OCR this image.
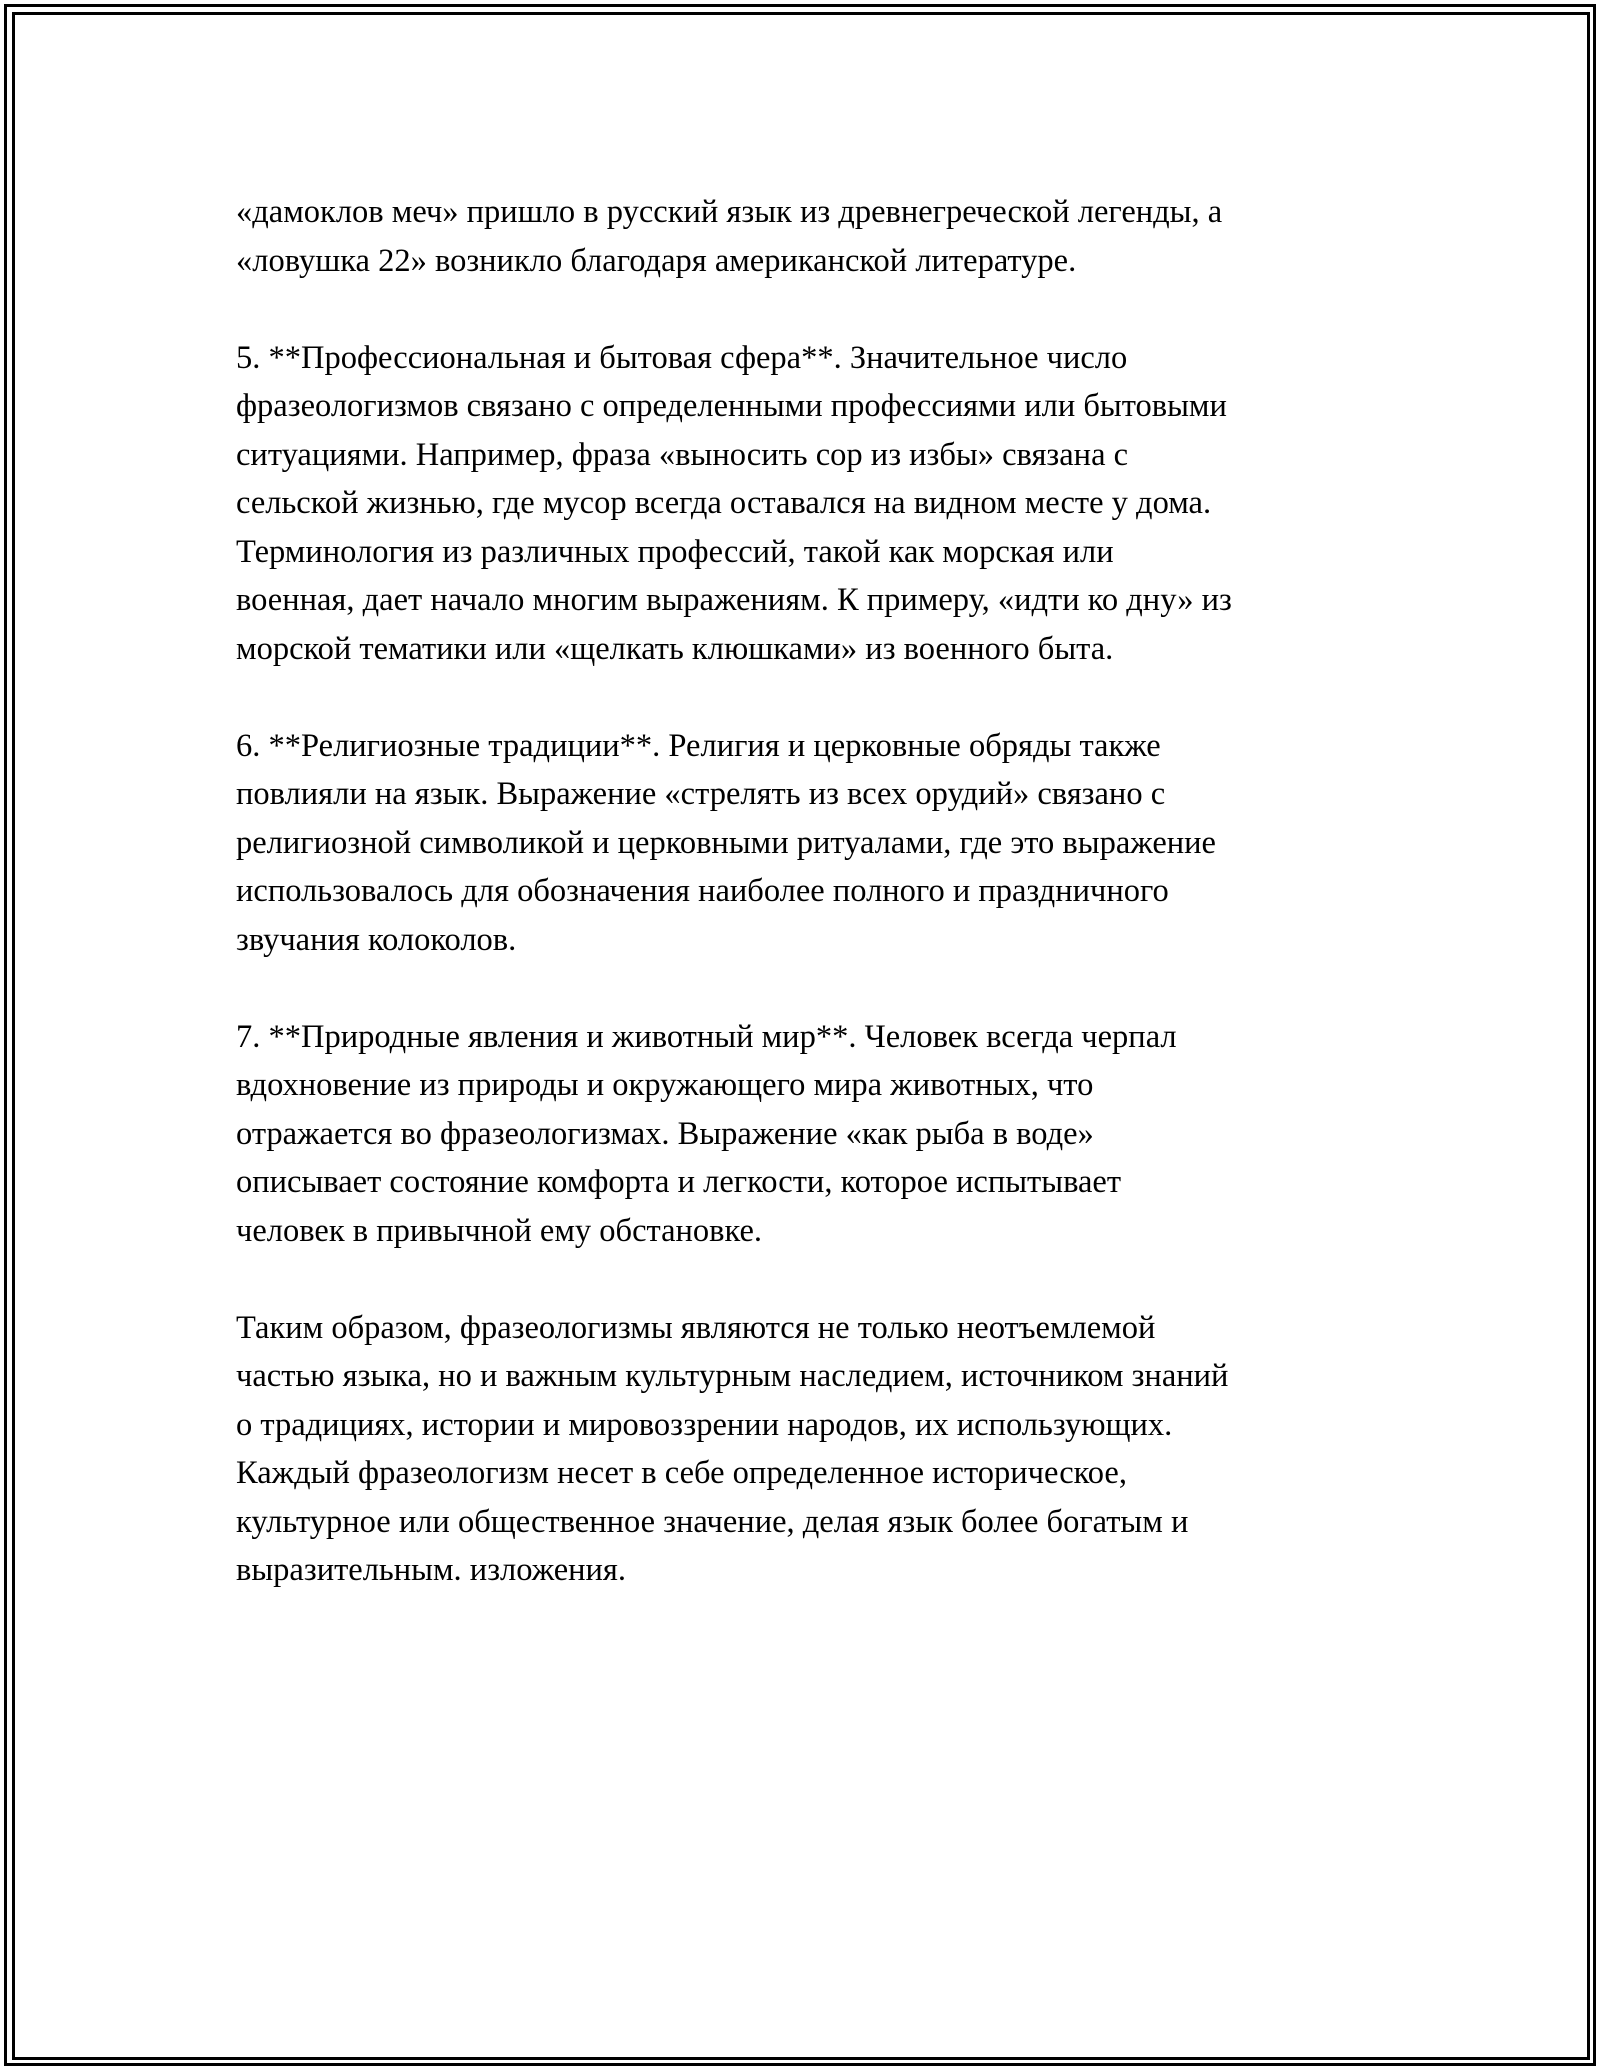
«дамоклов меч» пришло в русский язык из древнегреческой легенды, а
«ловушка 22» возникло благодаря американской литературе.

5. **Профессиональная и бытовая сфера**. Значительное число
фразеологизмов связано с определенными профессиями или бытовыми
ситуациями. Например, фраза «выносить сор из избы» связана с
сельской жизнью, где мусор всегда оставался на видном месте у дома.
Терминология из различных профессий, такой как морская или
военная, дает начало многим выражениям. К примеру, «идти ко дну» из
морской тематики или «щелкать клюшками» из военного быта.

6. **Религиозные традиции**. Религия и церковные обряды также
повлияли на язык. Выражение «стрелять из всех орудий» связано с
религиозной символикой и церковными ритуалами, где это выражение
использовалось для обозначения наиболее полного и праздничного
звучания колоколов.

7. **Природные явления и животный мир**. Человек всегда черпал
вдохновение из природы и окружающего мира животных, что
отражается во фразеологизмах. Выражение «как рыба в воде»
описывает состояние комфорта и легкости, которое испытывает
человек в привычной ему обстановке.

Таким образом, фразеологизмы являются не только неотъемлемой
частью языка, но и важным культурным наследием, источником знаний
о традициях, истории и мировоззрении народов, их использующих.
Каждый фразеологизм несет в себе определенное историческое,
культурное или общественное значение, делая язык более богатым и
выразительным. изложения.
